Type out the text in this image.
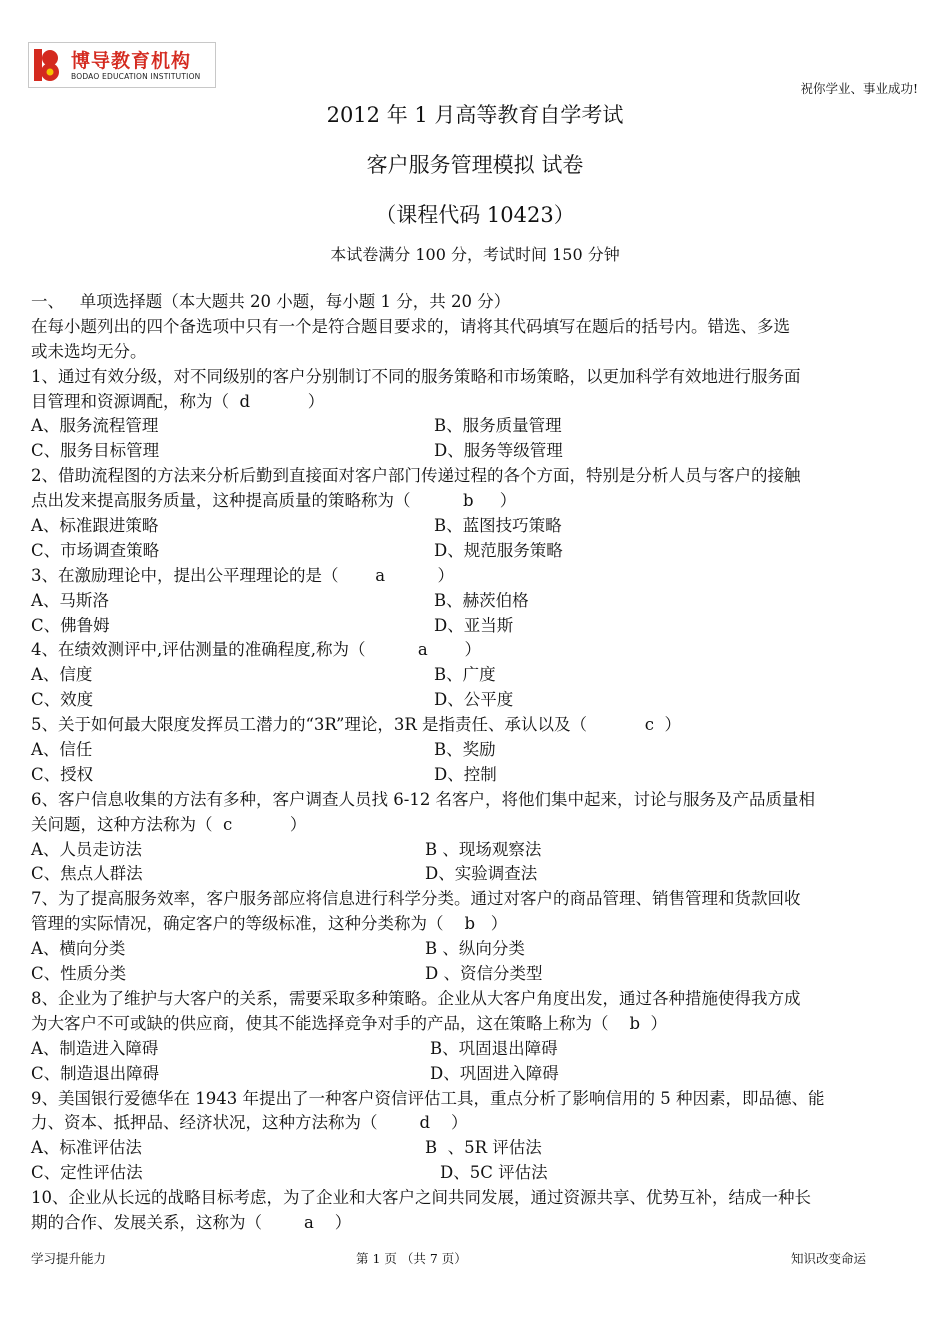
博导教育机构
BODAO EDUCATION INSTITUTION
祝你学业、事业成功!
2012 年 1 月高等教育自学考试
客户服务管理模拟 试卷
（课程代码 10423）
本试卷满分 100 分，考试时间 150 分钟
一、   单项选择题（本大题共 20 小题，每小题 1 分，共 20 分）
在每小题列出的四个备选项中只有一个是符合题目要求的，请将其代码填写在题后的括号内。错选、多选
或未选均无分。
1、通过有效分级，对不同级别的客户分别制订不同的服务策略和市场策略，以更加科学有效地进行服务面
目管理和资源调配，称为（  d           ）
A、服务流程管理	B、服务质量管理
C、服务目标管理	D、服务等级管理
2、借助流程图的方法来分析后勤到直接面对客户部门传递过程的各个方面，特别是分析人员与客户的接触
点出发来提高服务质量，这种提高质量的策略称为（          b     ）
A、标准跟进策略	B、蓝图技巧策略
C、市场调查策略	D、规范服务策略
3、在激励理论中，提出公平理理论的是（       a          ）
A、马斯洛	B、赫茨伯格
C、佛鲁姆	D、亚当斯
4、在绩效测评中,评估测量的准确程度,称为（          a       ）
A、信度	B、广度
C、效度	D、公平度
5、关于如何最大限度发挥员工潜力的“3R”理论，3R 是指责任、承认以及（           c  ）
A、信任	B、奖励
C、授权	D、控制
6、客户信息收集的方法有多种，客户调查人员找 6-12 名客户，将他们集中起来，讨论与服务及产品质量相
关问题，这种方法称为（  c           ）
A、人员走访法	B 、现场观察法
C、焦点人群法	D、实验调查法
7、为了提高服务效率，客户服务部应将信息进行科学分类。通过对客户的商品管理、销售管理和货款回收
管理的实际情况，确定客户的等级标准，这种分类称为（    b   ）
A、横向分类	B 、纵向分类
C、性质分类	D 、资信分类型
8、企业为了维护与大客户的关系，需要采取多种策略。企业从大客户角度出发，通过各种措施使得我方成
为大客户不可或缺的供应商，使其不能选择竞争对手的产品，这在策略上称为（    b  ）
A、制造进入障碍	B、巩固退出障碍
C、制造退出障碍	D、巩固进入障碍
9、美国银行爱德华在 1943 年提出了一种客户资信评估工具，重点分析了影响信用的 5 种因素，即品德、能
力、资本、抵押品、经济状况，这种方法称为（        d    ）
A、标准评估法	B  、5R 评估法
C、定性评估法	D、5C 评估法
10、企业从长远的战略目标考虑，为了企业和大客户之间共同发展，通过资源共享、优势互补，结成一种长
期的合作、发展关系，这称为（        a    ）
学习提升能力	第 1 页 （共 7 页）	知识改变命运
